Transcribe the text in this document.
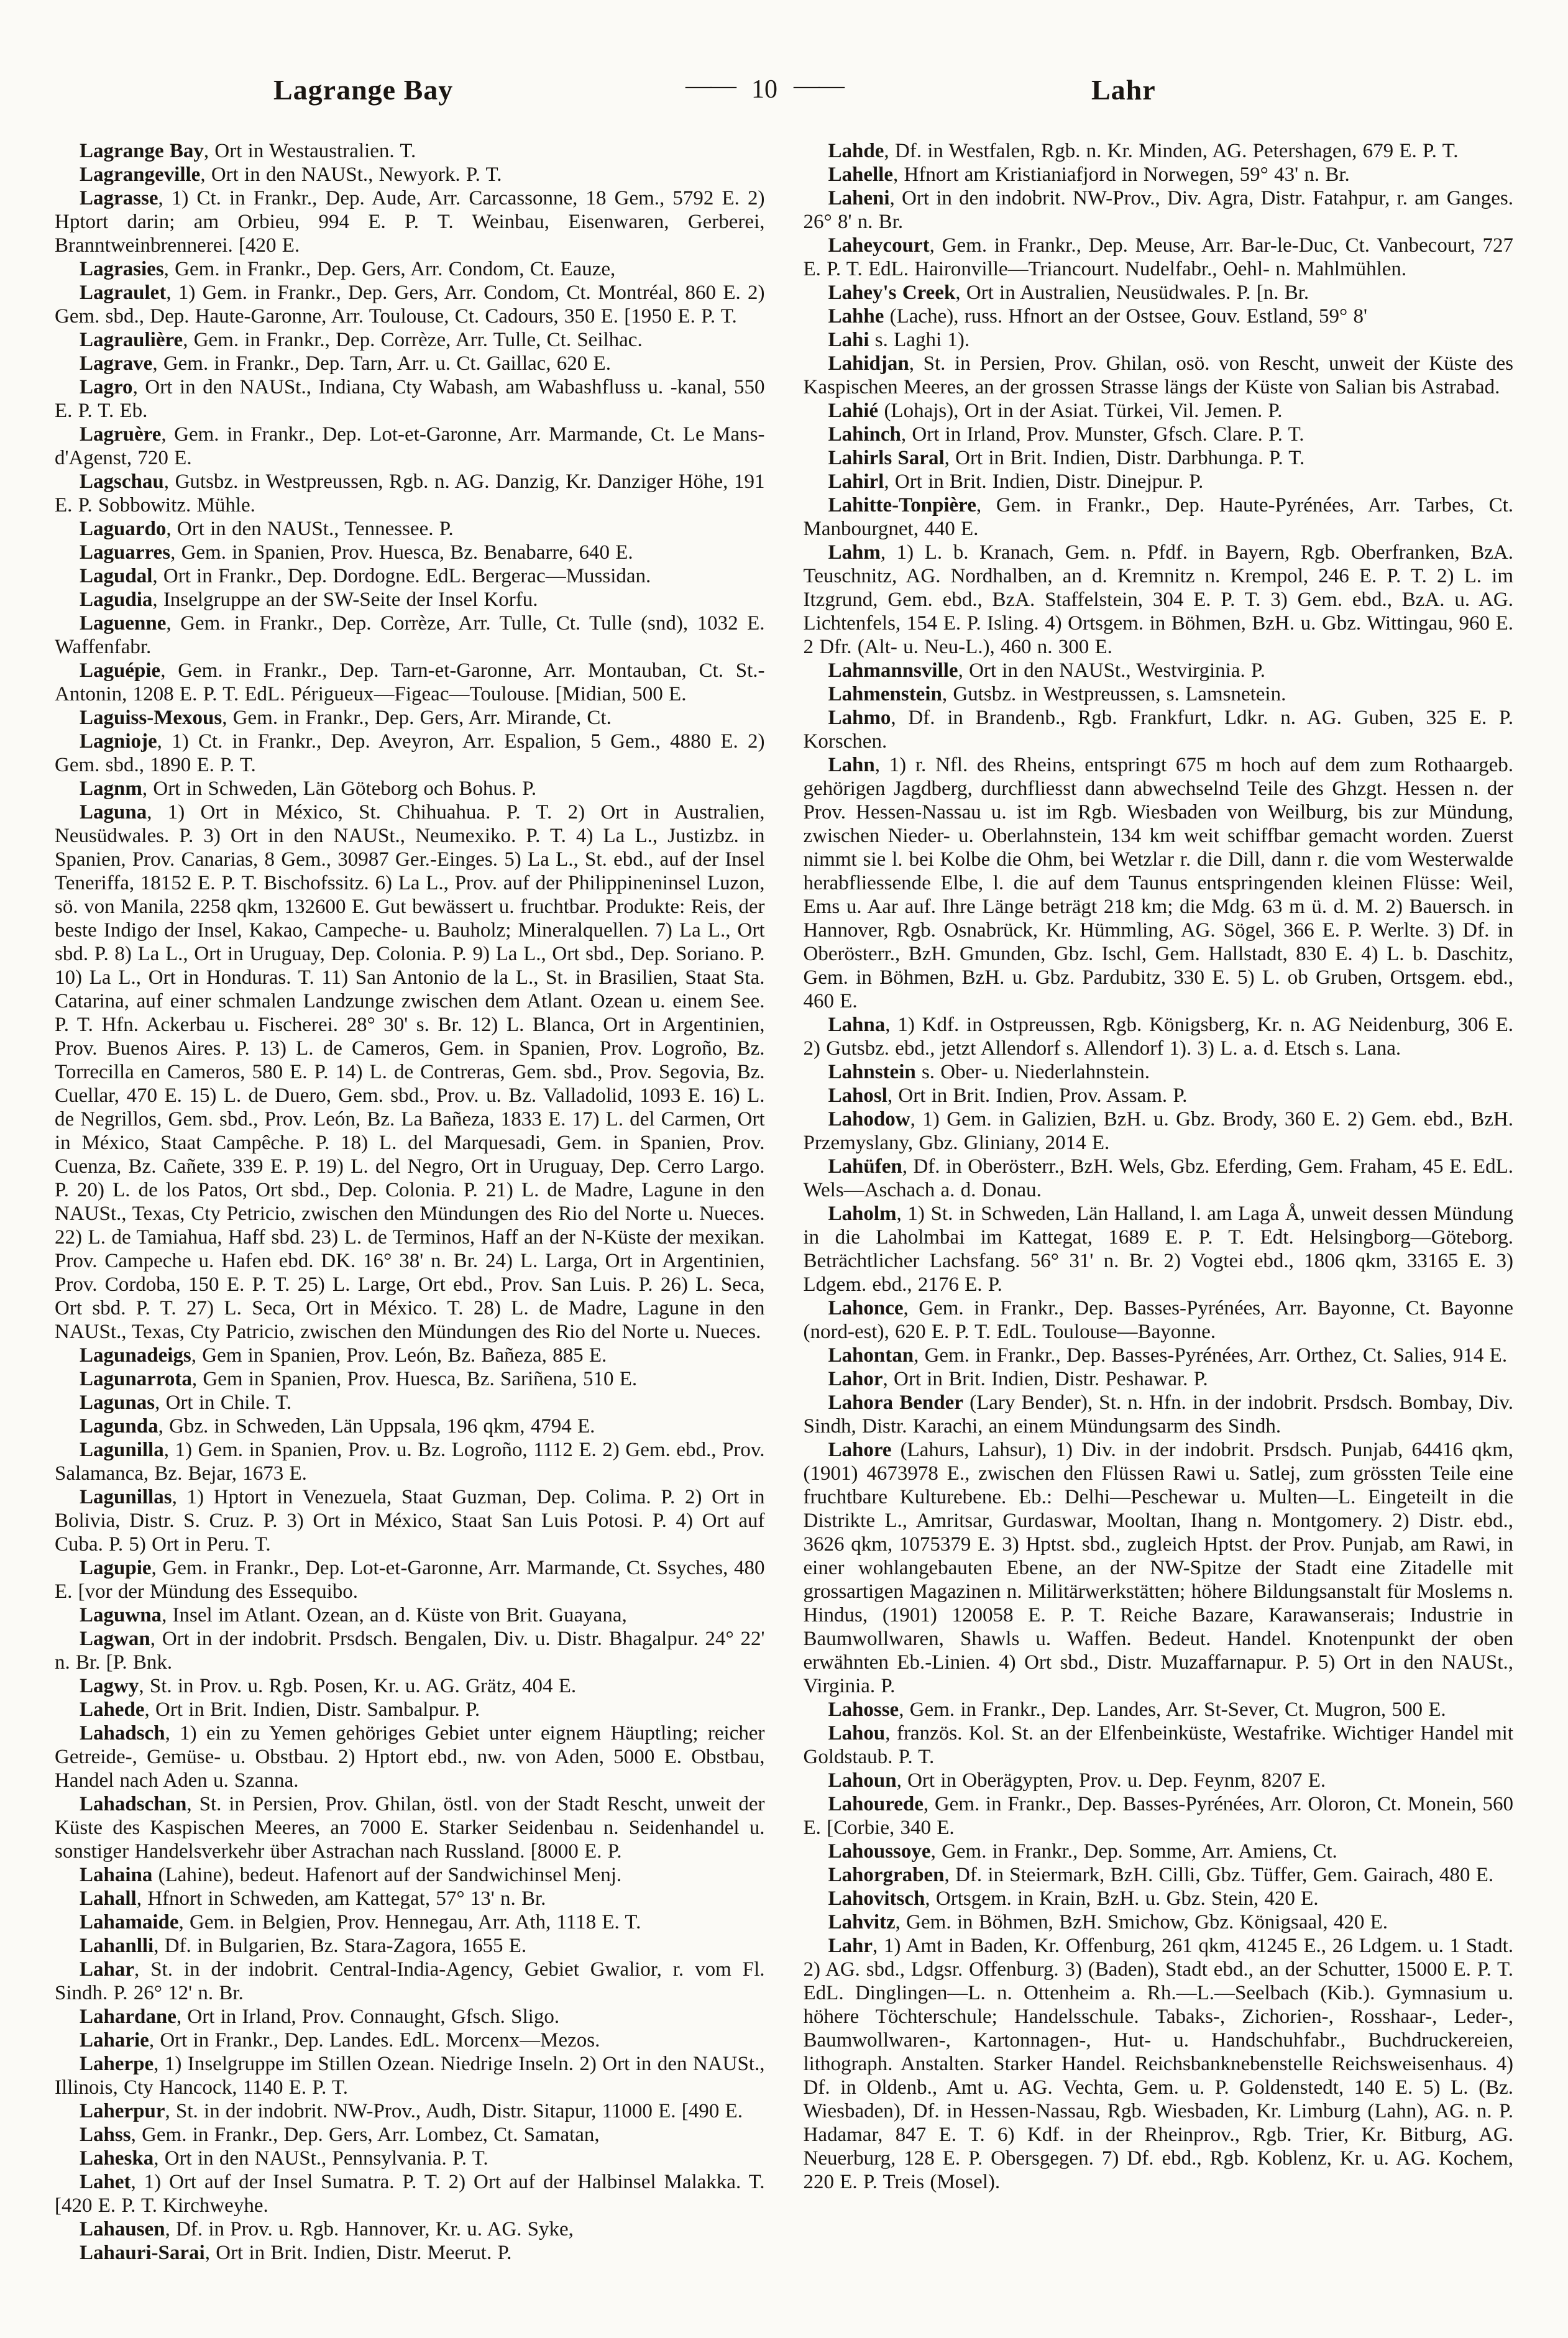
Lagrange Bay	—— 10 ——	Lahr

Lagrange Bay, Ort in Westaustralien. T.

Lagrangeville, Ort in den NAUSt., Newyork. P. T.

Lagrasse, 1) Ct. in Frankr., Dep. Aude, Arr. Carcassonne, 18 Gem., 5792 E. 2) Hptort darin; am Orbieu, 994 E. P. T. Weinbau, Eisenwaren, Gerberei, Branntweinbrennerei. [420 E.

Lagrasies, Gem. in Frankr., Dep. Gers, Arr. Condom, Ct. Eauze,

Lagraulet, 1) Gem. in Frankr., Dep. Gers, Arr. Condom, Ct. Montréal, 860 E. 2) Gem. sbd., Dep. Haute-Garonne, Arr. Toulouse, Ct. Cadours, 350 E. [1950 E. P. T.

Lagraulière, Gem. in Frankr., Dep. Corrèze, Arr. Tulle, Ct. Seilhac.

Lagrave, Gem. in Frankr., Dep. Tarn, Arr. u. Ct. Gaillac, 620 E.

Lagro, Ort in den NAUSt., Indiana, Cty Wabash, am Wabashfluss u. -kanal, 550 E. P. T. Eb.

Lagruère, Gem. in Frankr., Dep. Lot-et-Garonne, Arr. Marmande, Ct. Le Mans-d'Agenst, 720 E.

Lagschau, Gutsbz. in Westpreussen, Rgb. n. AG. Danzig, Kr. Danziger Höhe, 191 E. P. Sobbowitz. Mühle.

Laguardo, Ort in den NAUSt., Tennessee. P.

Laguarres, Gem. in Spanien, Prov. Huesca, Bz. Benabarre, 640 E.

Lagudal, Ort in Frankr., Dep. Dordogne. EdL. Bergerac—Mussidan.

Lagudia, Inselgruppe an der SW-Seite der Insel Korfu.

Laguenne, Gem. in Frankr., Dep. Corrèze, Arr. Tulle, Ct. Tulle (snd), 1032 E. Waffenfabr.

Laguépie, Gem. in Frankr., Dep. Tarn-et-Garonne, Arr. Montauban, Ct. St.-Antonin, 1208 E. P. T. EdL. Périgueux—Figeac—Toulouse. [Midian, 500 E.

Laguiss-Mexous, Gem. in Frankr., Dep. Gers, Arr. Mirande, Ct.

Lagnioje, 1) Ct. in Frankr., Dep. Aveyron, Arr. Espalion, 5 Gem., 4880 E. 2) Gem. sbd., 1890 E. P. T.

Lagnm, Ort in Schweden, Län Göteborg och Bohus. P.

Laguna, 1) Ort in México, St. Chihuahua. P. T. 2) Ort in Australien, Neusüdwales. P. 3) Ort in den NAUSt., Neumexiko. P. T. 4) La L., Justizbz. in Spanien, Prov. Canarias, 8 Gem., 30987 Ger.-Einges. 5) La L., St. ebd., auf der Insel Teneriffa, 18152 E. P. T. Bischofssitz. 6) La L., Prov. auf der Philippineninsel Luzon, sö. von Manila, 2258 qkm, 132600 E. Gut bewässert u. fruchtbar. Produkte: Reis, der beste Indigo der Insel, Kakao, Campeche- u. Bauholz; Mineralquellen. 7) La L., Ort sbd. P. 8) La L., Ort in Uruguay, Dep. Colonia. P. 9) La L., Ort sbd., Dep. Soriano. P. 10) La L., Ort in Honduras. T. 11) San Antonio de la L., St. in Brasilien, Staat Sta. Catarina, auf einer schmalen Landzunge zwischen dem Atlant. Ozean u. einem See. P. T. Hfn. Ackerbau u. Fischerei. 28° 30' s. Br. 12) L. Blanca, Ort in Argentinien, Prov. Buenos Aires. P. 13) L. de Cameros, Gem. in Spanien, Prov. Logroño, Bz. Torrecilla en Cameros, 580 E. P. 14) L. de Contreras, Gem. sbd., Prov. Segovia, Bz. Cuellar, 470 E. 15) L. de Duero, Gem. sbd., Prov. u. Bz. Valladolid, 1093 E. 16) L. de Negrillos, Gem. sbd., Prov. León, Bz. La Bañeza, 1833 E. 17) L. del Carmen, Ort in México, Staat Campêche. P. 18) L. del Marquesadi, Gem. in Spanien, Prov. Cuenza, Bz. Cañete, 339 E. P. 19) L. del Negro, Ort in Uruguay, Dep. Cerro Largo. P. 20) L. de los Patos, Ort sbd., Dep. Colonia. P. 21) L. de Madre, Lagune in den NAUSt., Texas, Cty Petricio, zwischen den Mündungen des Rio del Norte u. Nueces. 22) L. de Tamiahua, Haff sbd. 23) L. de Terminos, Haff an der N-Küste der mexikan. Prov. Campeche u. Hafen ebd. DK. 16° 38' n. Br. 24) L. Larga, Ort in Argentinien, Prov. Cordoba, 150 E. P. T. 25) L. Large, Ort ebd., Prov. San Luis. P. 26) L. Seca, Ort sbd. P. T. 27) L. Seca, Ort in México. T. 28) L. de Madre, Lagune in den NAUSt., Texas, Cty Patricio, zwischen den Mündungen des Rio del Norte u. Nueces.

Lagunadeigs, Gem in Spanien, Prov. León, Bz. Bañeza, 885 E.

Lagunarrota, Gem in Spanien, Prov. Huesca, Bz. Sariñena, 510 E.

Lagunas, Ort in Chile. T.

Lagunda, Gbz. in Schweden, Län Uppsala, 196 qkm, 4794 E.

Lagunilla, 1) Gem. in Spanien, Prov. u. Bz. Logroño, 1112 E. 2) Gem. ebd., Prov. Salamanca, Bz. Bejar, 1673 E.

Lagunillas, 1) Hptort in Venezuela, Staat Guzman, Dep. Colima. P. 2) Ort in Bolivia, Distr. S. Cruz. P. 3) Ort in México, Staat San Luis Potosi. P. 4) Ort auf Cuba. P. 5) Ort in Peru. T.

Lagupie, Gem. in Frankr., Dep. Lot-et-Garonne, Arr. Marmande, Ct. Ssyches, 480 E. [vor der Mündung des Essequibo.

Laguwna, Insel im Atlant. Ozean, an d. Küste von Brit. Guayana,

Lagwan, Ort in der indobrit. Prsdsch. Bengalen, Div. u. Distr. Bhagalpur. 24° 22' n. Br. [P. Bnk.

Lagwy, St. in Prov. u. Rgb. Posen, Kr. u. AG. Grätz, 404 E.

Lahede, Ort in Brit. Indien, Distr. Sambalpur. P.

Lahadsch, 1) ein zu Yemen gehöriges Gebiet unter eignem Häuptling; reicher Getreide-, Gemüse- u. Obstbau. 2) Hptort ebd., nw. von Aden, 5000 E. Obstbau, Handel nach Aden u. Szanna.

Lahadschan, St. in Persien, Prov. Ghilan, östl. von der Stadt Rescht, unweit der Küste des Kaspischen Meeres, an 7000 E. Starker Seidenbau n. Seidenhandel u. sonstiger Handelsverkehr über Astrachan nach Russland. [8000 E. P.

Lahaina (Lahine), bedeut. Hafenort auf der Sandwichinsel Menj.

Lahall, Hfnort in Schweden, am Kattegat, 57° 13' n. Br.

Lahamaide, Gem. in Belgien, Prov. Hennegau, Arr. Ath, 1118 E. T.

Lahanlli, Df. in Bulgarien, Bz. Stara-Zagora, 1655 E.

Lahar, St. in der indobrit. Central-India-Agency, Gebiet Gwalior, r. vom Fl. Sindh. P. 26° 12' n. Br.

Lahardane, Ort in Irland, Prov. Connaught, Gfsch. Sligo.

Laharie, Ort in Frankr., Dep. Landes. EdL. Morcenx—Mezos.

Laherpe, 1) Inselgruppe im Stillen Ozean. Niedrige Inseln. 2) Ort in den NAUSt., Illinois, Cty Hancock, 1140 E. P. T.

Laherpur, St. in der indobrit. NW-Prov., Audh, Distr. Sitapur, 11000 E. [490 E.

Lahss, Gem. in Frankr., Dep. Gers, Arr. Lombez, Ct. Samatan,

Laheska, Ort in den NAUSt., Pennsylvania. P. T.

Lahet, 1) Ort auf der Insel Sumatra. P. T. 2) Ort auf der Halbinsel Malakka. T. [420 E. P. T. Kirchweyhe.

Lahausen, Df. in Prov. u. Rgb. Hannover, Kr. u. AG. Syke,

Lahauri-Sarai, Ort in Brit. Indien, Distr. Meerut. P.

Lahde, Df. in Westfalen, Rgb. n. Kr. Minden, AG. Petershagen, 679 E. P. T.

Lahelle, Hfnort am Kristianiafjord in Norwegen, 59° 43' n. Br.

Laheni, Ort in den indobrit. NW-Prov., Div. Agra, Distr. Fatahpur, r. am Ganges. 26° 8' n. Br.

Laheycourt, Gem. in Frankr., Dep. Meuse, Arr. Bar-le-Duc, Ct. Vanbecourt, 727 E. P. T. EdL. Haironville—Triancourt. Nudelfabr., Oehl- n. Mahlmühlen.

Lahey's Creek, Ort in Australien, Neusüdwales. P. [n. Br.

Lahhe (Lache), russ. Hfnort an der Ostsee, Gouv. Estland, 59° 8'

Lahi s. Laghi 1).

Lahidjan, St. in Persien, Prov. Ghilan, osö. von Rescht, unweit der Küste des Kaspischen Meeres, an der grossen Strasse längs der Küste von Salian bis Astrabad.

Lahié (Lohajs), Ort in der Asiat. Türkei, Vil. Jemen. P.

Lahinch, Ort in Irland, Prov. Munster, Gfsch. Clare. P. T.

Lahirls Saral, Ort in Brit. Indien, Distr. Darbhunga. P. T.

Lahirl, Ort in Brit. Indien, Distr. Dinejpur. P.

Lahitte-Tonpière, Gem. in Frankr., Dep. Haute-Pyrénées, Arr. Tarbes, Ct. Manbourgnet, 440 E.

Lahm, 1) L. b. Kranach, Gem. n. Pfdf. in Bayern, Rgb. Oberfranken, BzA. Teuschnitz, AG. Nordhalben, an d. Kremnitz n. Krempol, 246 E. P. T. 2) L. im Itzgrund, Gem. ebd., BzA. Staffelstein, 304 E. P. T. 3) Gem. ebd., BzA. u. AG. Lichtenfels, 154 E. P. Isling. 4) Ortsgem. in Böhmen, BzH. u. Gbz. Wittingau, 960 E. 2 Dfr. (Alt- u. Neu-L.), 460 n. 300 E.

Lahmannsville, Ort in den NAUSt., Westvirginia. P.

Lahmenstein, Gutsbz. in Westpreussen, s. Lamsnetein.

Lahmo, Df. in Brandenb., Rgb. Frankfurt, Ldkr. n. AG. Guben, 325 E. P. Korschen.

Lahn, 1) r. Nfl. des Rheins, entspringt 675 m hoch auf dem zum Rothaargeb. gehörigen Jagdberg, durchfliesst dann abwechselnd Teile des Ghzgt. Hessen n. der Prov. Hessen-Nassau u. ist im Rgb. Wiesbaden von Weilburg, bis zur Mündung, zwischen Nieder- u. Oberlahnstein, 134 km weit schiffbar gemacht worden. Zuerst nimmt sie l. bei Kolbe die Ohm, bei Wetzlar r. die Dill, dann r. die vom Westerwalde herabfliessende Elbe, l. die auf dem Taunus entspringenden kleinen Flüsse: Weil, Ems u. Aar auf. Ihre Länge beträgt 218 km; die Mdg. 63 m ü. d. M. 2) Bauersch. in Hannover, Rgb. Osnabrück, Kr. Hümmling, AG. Sögel, 366 E. P. Werlte. 3) Df. in Oberösterr., BzH. Gmunden, Gbz. Ischl, Gem. Hallstadt, 830 E. 4) L. b. Daschitz, Gem. in Böhmen, BzH. u. Gbz. Pardubitz, 330 E. 5) L. ob Gruben, Ortsgem. ebd., 460 E.

Lahna, 1) Kdf. in Ostpreussen, Rgb. Königsberg, Kr. n. AG Neidenburg, 306 E. 2) Gutsbz. ebd., jetzt Allendorf s. Allendorf 1). 3) L. a. d. Etsch s. Lana.

Lahnstein s. Ober- u. Niederlahnstein.

Lahosl, Ort in Brit. Indien, Prov. Assam. P.

Lahodow, 1) Gem. in Galizien, BzH. u. Gbz. Brody, 360 E. 2) Gem. ebd., BzH. Przemyslany, Gbz. Gliniany, 2014 E.

Lahüfen, Df. in Oberösterr., BzH. Wels, Gbz. Eferding, Gem. Fraham, 45 E. EdL. Wels—Aschach a. d. Donau.

Laholm, 1) St. in Schweden, Län Halland, l. am Laga Å, unweit dessen Mündung in die Laholmbai im Kattegat, 1689 E. P. T. Edt. Helsingborg—Göteborg. Beträchtlicher Lachsfang. 56° 31' n. Br. 2) Vogtei ebd., 1806 qkm, 33165 E. 3) Ldgem. ebd., 2176 E. P.

Lahonce, Gem. in Frankr., Dep. Basses-Pyrénées, Arr. Bayonne, Ct. Bayonne (nord-est), 620 E. P. T. EdL. Toulouse—Bayonne.

Lahontan, Gem. in Frankr., Dep. Basses-Pyrénées, Arr. Orthez, Ct. Salies, 914 E.

Lahor, Ort in Brit. Indien, Distr. Peshawar. P.

Lahora Bender (Lary Bender), St. n. Hfn. in der indobrit. Prsdsch. Bombay, Div. Sindh, Distr. Karachi, an einem Mündungsarm des Sindh.

Lahore (Lahurs, Lahsur), 1) Div. in der indobrit. Prsdsch. Punjab, 64416 qkm, (1901) 4673978 E., zwischen den Flüssen Rawi u. Satlej, zum grössten Teile eine fruchtbare Kulturebene. Eb.: Delhi—Peschewar u. Multen—L. Eingeteilt in die Distrikte L., Amritsar, Gurdaswar, Mooltan, Ihang n. Montgomery. 2) Distr. ebd., 3626 qkm, 1075379 E. 3) Hptst. sbd., zugleich Hptst. der Prov. Punjab, am Rawi, in einer wohlangebauten Ebene, an der NW-Spitze der Stadt eine Zitadelle mit grossartigen Magazinen n. Militärwerkstätten; höhere Bildungsanstalt für Moslems n. Hindus, (1901) 120058 E. P. T. Reiche Bazare, Karawanserais; Industrie in Baumwollwaren, Shawls u. Waffen. Bedeut. Handel. Knotenpunkt der oben erwähnten Eb.-Linien. 4) Ort sbd., Distr. Muzaffarnapur. P. 5) Ort in den NAUSt., Virginia. P.

Lahosse, Gem. in Frankr., Dep. Landes, Arr. St-Sever, Ct. Mugron, 500 E.

Lahou, französ. Kol. St. an der Elfenbeinküste, Westafrike. Wichtiger Handel mit Goldstaub. P. T.

Lahoun, Ort in Oberägypten, Prov. u. Dep. Feynm, 8207 E.

Lahourede, Gem. in Frankr., Dep. Basses-Pyrénées, Arr. Oloron, Ct. Monein, 560 E. [Corbie, 340 E.

Lahoussoye, Gem. in Frankr., Dep. Somme, Arr. Amiens, Ct.

Lahorgraben, Df. in Steiermark, BzH. Cilli, Gbz. Tüffer, Gem. Gairach, 480 E.

Lahovitsch, Ortsgem. in Krain, BzH. u. Gbz. Stein, 420 E.

Lahvitz, Gem. in Böhmen, BzH. Smichow, Gbz. Königsaal, 420 E.

Lahr, 1) Amt in Baden, Kr. Offenburg, 261 qkm, 41245 E., 26 Ldgem. u. 1 Stadt. 2) AG. sbd., Ldgsr. Offenburg. 3) (Baden), Stadt ebd., an der Schutter, 15000 E. P. T. EdL. Dinglingen—L. n. Ottenheim a. Rh.—L.—Seelbach (Kib.). Gymnasium u. höhere Töchterschule; Handelsschule. Tabaks-, Zichorien-, Rosshaar-, Leder-, Baumwollwaren-, Kartonnagen-, Hut- u. Handschuhfabr., Buchdruckereien, lithograph. Anstalten. Starker Handel. Reichsbanknebenstelle Reichsweisenhaus. 4) Df. in Oldenb., Amt u. AG. Vechta, Gem. u. P. Goldenstedt, 140 E. 5) L. (Bz. Wiesbaden), Df. in Hessen-Nassau, Rgb. Wiesbaden, Kr. Limburg (Lahn), AG. n. P. Hadamar, 847 E. T. 6) Kdf. in der Rheinprov., Rgb. Trier, Kr. Bitburg, AG. Neuerburg, 128 E. P. Obersgegen. 7) Df. ebd., Rgb. Koblenz, Kr. u. AG. Kochem, 220 E. P. Treis (Mosel).
